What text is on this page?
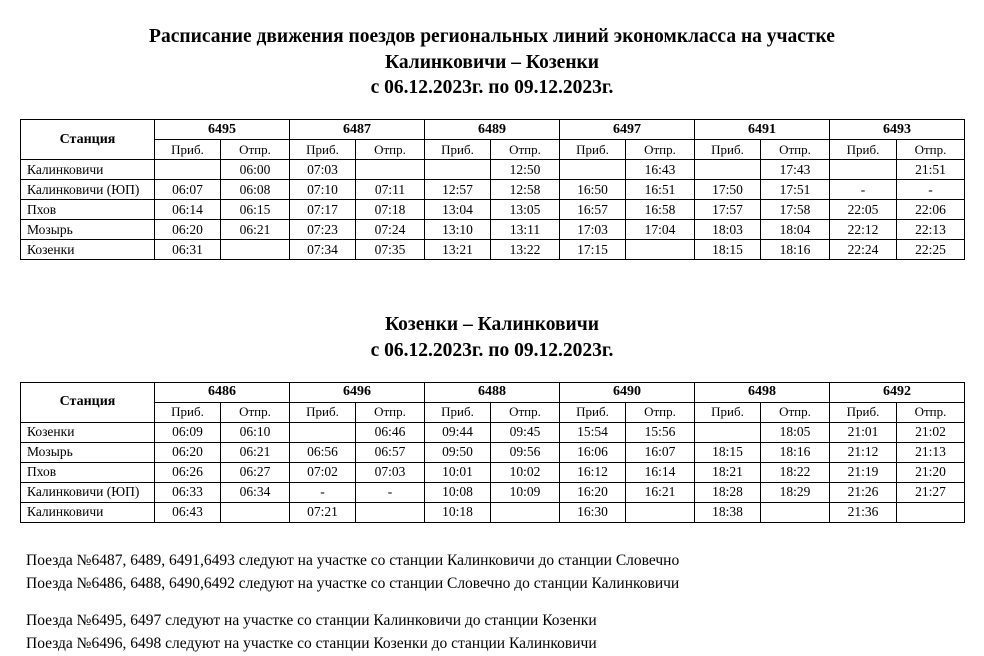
Расписание движения поездов региональных линий экономкласса на участке
Калинковичи – Козенки
с 06.12.2023г. по 09.12.2023г.
Станция	6495		6487		6489		6497		6491		6493	
	Приб.	Отпр.	Приб.	Отпр.	Приб.	Отпр.	Приб.	Отпр.	Приб.	Отпр.	Приб.	Отпр.
Калинковичи		06:00	07:03			12:50		16:43		17:43		21:51
Калинковичи (ЮП)	06:07	06:08	07:10	07:11	12:57	12:58	16:50	16:51	17:50	17:51	-	-
Пхов	06:14	06:15	07:17	07:18	13:04	13:05	16:57	16:58	17:57	17:58	22:05	22:06
Мозырь	06:20	06:21	07:23	07:24	13:10	13:11	17:03	17:04	18:03	18:04	22:12	22:13
Козенки	06:31		07:34	07:35	13:21	13:22	17:15		18:15	18:16	22:24	22:25
Козенки – Калинковичи
с 06.12.2023г. по 09.12.2023г.
Станция	6486		6496		6488		6490		6498		6492	
	Приб.	Отпр.	Приб.	Отпр.	Приб.	Отпр.	Приб.	Отпр.	Приб.	Отпр.	Приб.	Отпр.
Козенки	06:09	06:10		06:46	09:44	09:45	15:54	15:56		18:05	21:01	21:02
Мозырь	06:20	06:21	06:56	06:57	09:50	09:56	16:06	16:07	18:15	18:16	21:12	21:13
Пхов	06:26	06:27	07:02	07:03	10:01	10:02	16:12	16:14	18:21	18:22	21:19	21:20
Калинковичи (ЮП)	06:33	06:34	-	-	10:08	10:09	16:20	16:21	18:28	18:29	21:26	21:27
Калинковичи	06:43		07:21		10:18		16:30		18:38		21:36	

Поезда №6487, 6489, 6491,6493 следуют на участке со станции Калинковичи до станции Словечно

Поезда №6486, 6488, 6490,6492 следуют на участке со станции Словечно до станции Калинковичи

Поезда №6495, 6497 следуют на участке со станции Калинковичи до станции Козенки

Поезда №6496, 6498 следуют на участке со станции Козенки до станции Калинковичи
